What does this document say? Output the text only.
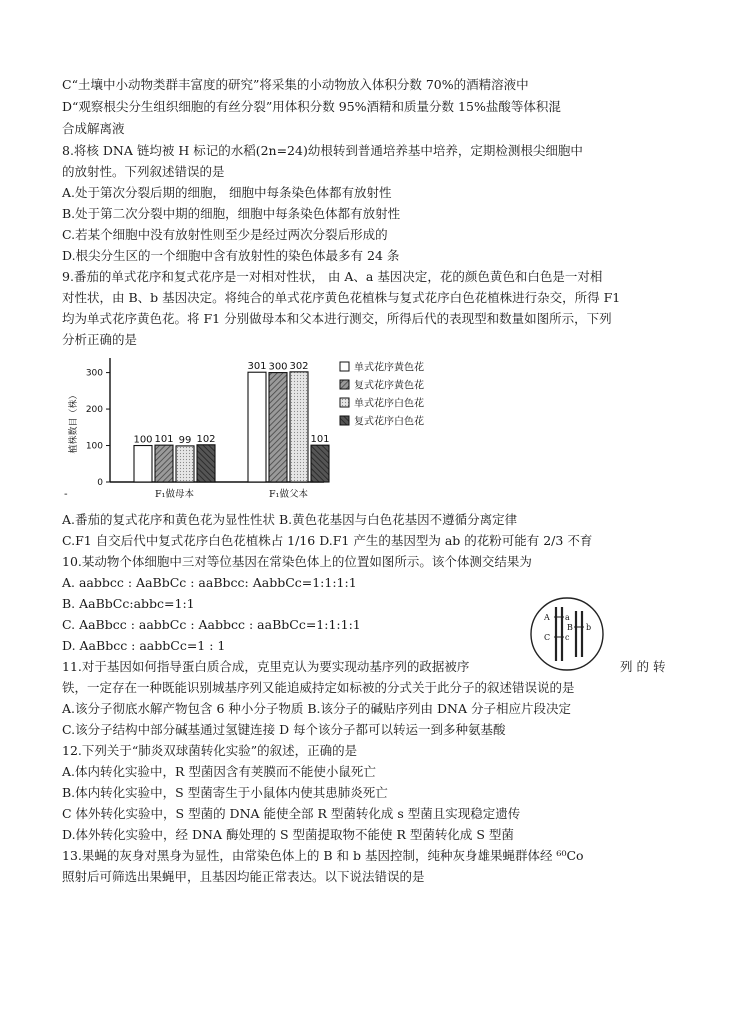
C“土壤中小动物类群丰富度的研究”将采集的小动物放入体积分数 70%的酒精溶液中
D“观察根尖分生组织细胞的有丝分裂”用体积分数 95%酒精和质量分数 15%盐酸等体积混
合成解离液
8.将核 DNA 链均被 H 标记的水稻(2n=24)幼根转到普通培养基中培养，定期检测根尖细胞中
的放射性。下列叙述错误的是
A.处于第次分裂后期的细胞， 细胞中每条染色体都有放射性
B.处于第二次分裂中期的细胞，细胞中每条染色体都有放射性
C.若某个细胞中没有放射性则至少是经过两次分裂后形成的
D.根尖分生区的一个细胞中含有放射性的染色体最多有 24 条
9.番茄的单式花序和复式花序是一对相对性状， 由 A、a 基因决定，花的颜色黄色和白色是一对相
对性状，由 B、b 基因决定。将纯合的单式花序黄色花植株与复式花序白色花植株进行杂交，所得 F1
均为单式花序黄色花。将 F1 分别做母本和父本进行测交，所得后代的表现型和数量如图所示，下列
分析正确的是
0
100
200
300
植株数目（株）
-
100 101 99 102
F₁做母本
301 300 302
101
F₁做父本
单式花序黄色花
复式花序黄色花
单式花序白色花
复式花序白色花
A.番茄的复式花序和黄色花为显性性状 B.黄色花基因与白色花基因不遵循分离定律
C.F1 自交后代中复式花序白色花植株占 1/16 D.F1 产生的基因型为 ab 的花粉可能有 2/3 不育
10.某动物个体细胞中三对等位基因在常染色体上的位置如图所示。该个体测交结果为
A. aabbcc : AaBbCc : aaBbcc: AabbCc=1:1:1:1
B. AaBbCc:abbc=1:1
C. AaBbcc : aabbCc : Aabbcc : aaBbCc=1:1:1:1
D. AaBbcc : aabbCc=1 : 1
A a
B b
C c
11.对于基因如何指导蛋白质合成，克里克认为要实现动基序列的政据被序	列 的 转
铁，一定存在一种既能识别城基序列又能追威持定如标被的分式关于此分子的叙述错误说的是
A.该分子彻底水解产物包含 6 种小分子物质 B.该分子的碱贴序列由 DNA 分子相应片段决定
C.该分子结构中部分碱基通过氢键连接 D 每个该分子都可以转运一到多种氨基酸
12.下列关于“肺炎双球菌转化实验”的叙述，正确的是
A.体内转化实验中，R 型菌因含有荚膜而不能使小鼠死亡
B.体内转化实验中，S 型菌寄生于小鼠体内使其患肺炎死亡
C 体外转化实验中，S 型菌的 DNA 能使全部 R 型菌转化成 s 型菌且实现稳定遗传
D.体外转化实验中，经 DNA 酶处理的 S 型菌提取物不能使 R 型菌转化成 S 型菌
13.果蝇的灰身对黑身为显性，由常染色体上的 B 和 b 基因控制，纯种灰身雄果蝇群体经 ⁶⁰Co
照射后可筛选出果蝇甲，且基因均能正常表达。以下说法错误的是
